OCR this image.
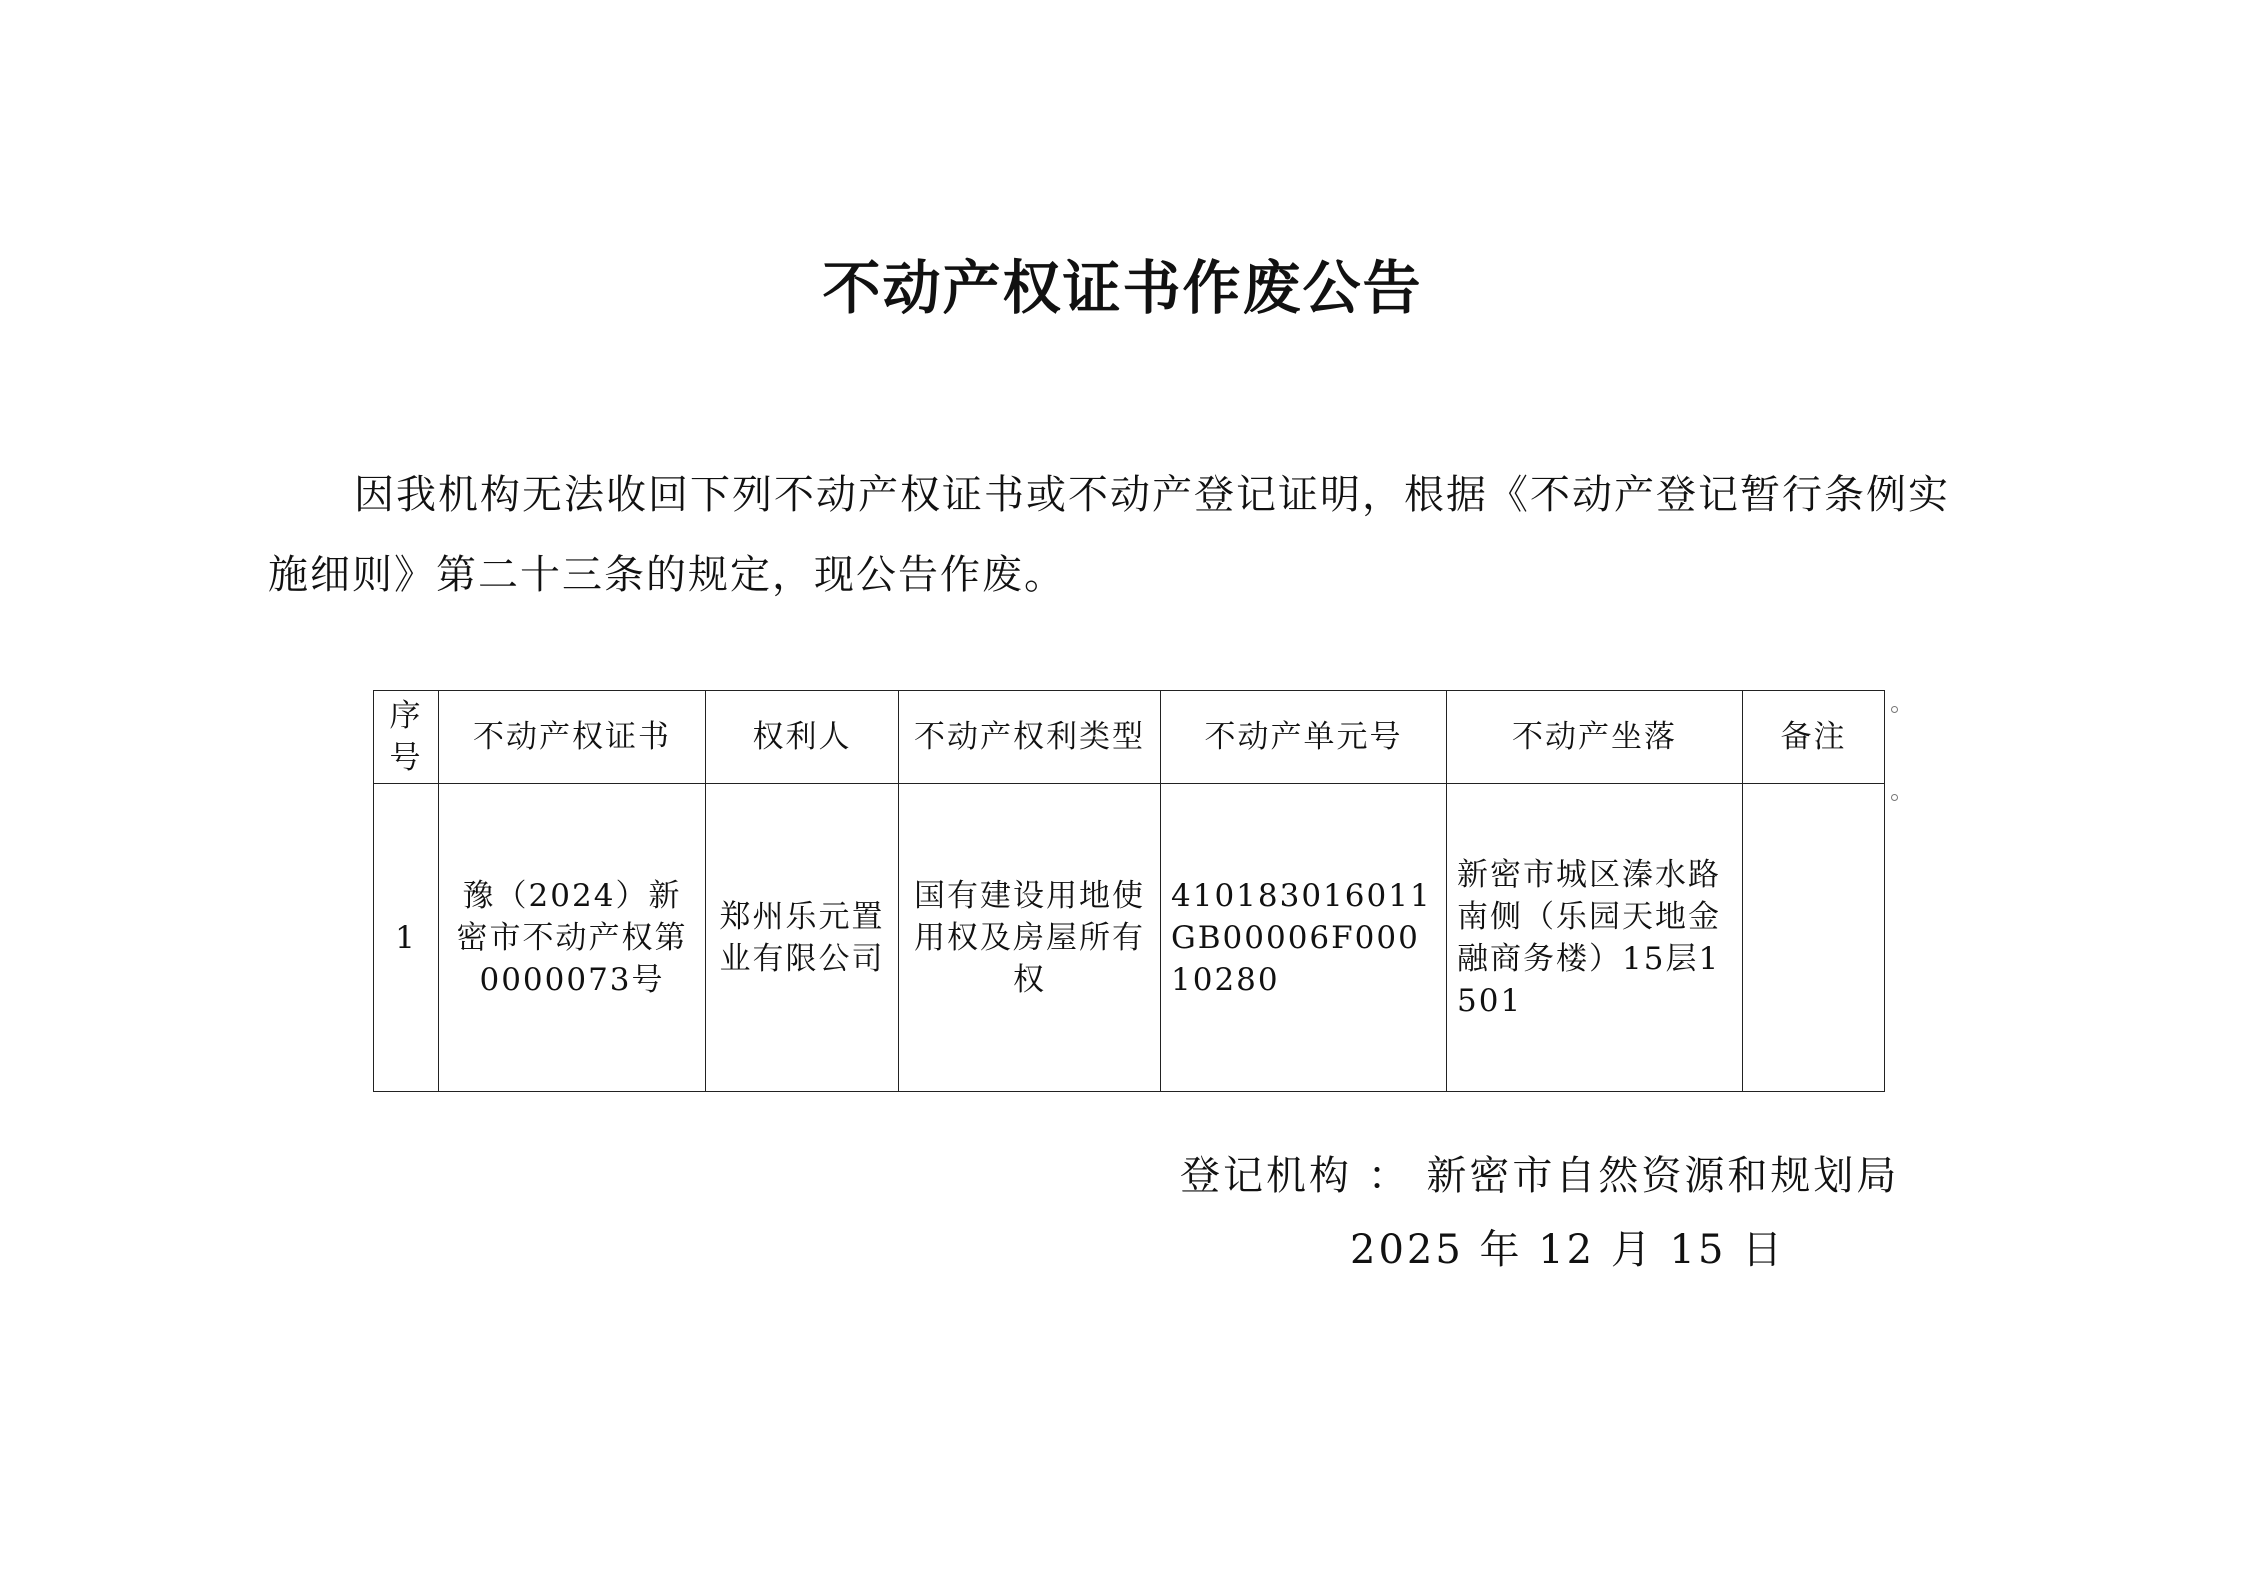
不动产权证书作废公告

因我机构无法收回下列不动产权证书或不动产登记证明，根据《不动产登记暂行条例实施细则》第二十三条的规定，现公告作废。

序号	不动产权证书	权利人	不动产权利类型	不动产单元号	不动产坐落	备注
1	豫（2024）新密市不动产权第0000073号	郑州乐元置业有限公司	国有建设用地使用权及房屋所有权	410183016011GB00006F00010280	新密市城区溱水路南侧（乐园天地金融商务楼）15层1501	
登记机构 ： 新密市自然资源和规划局
2025 年 12 月 15 日
